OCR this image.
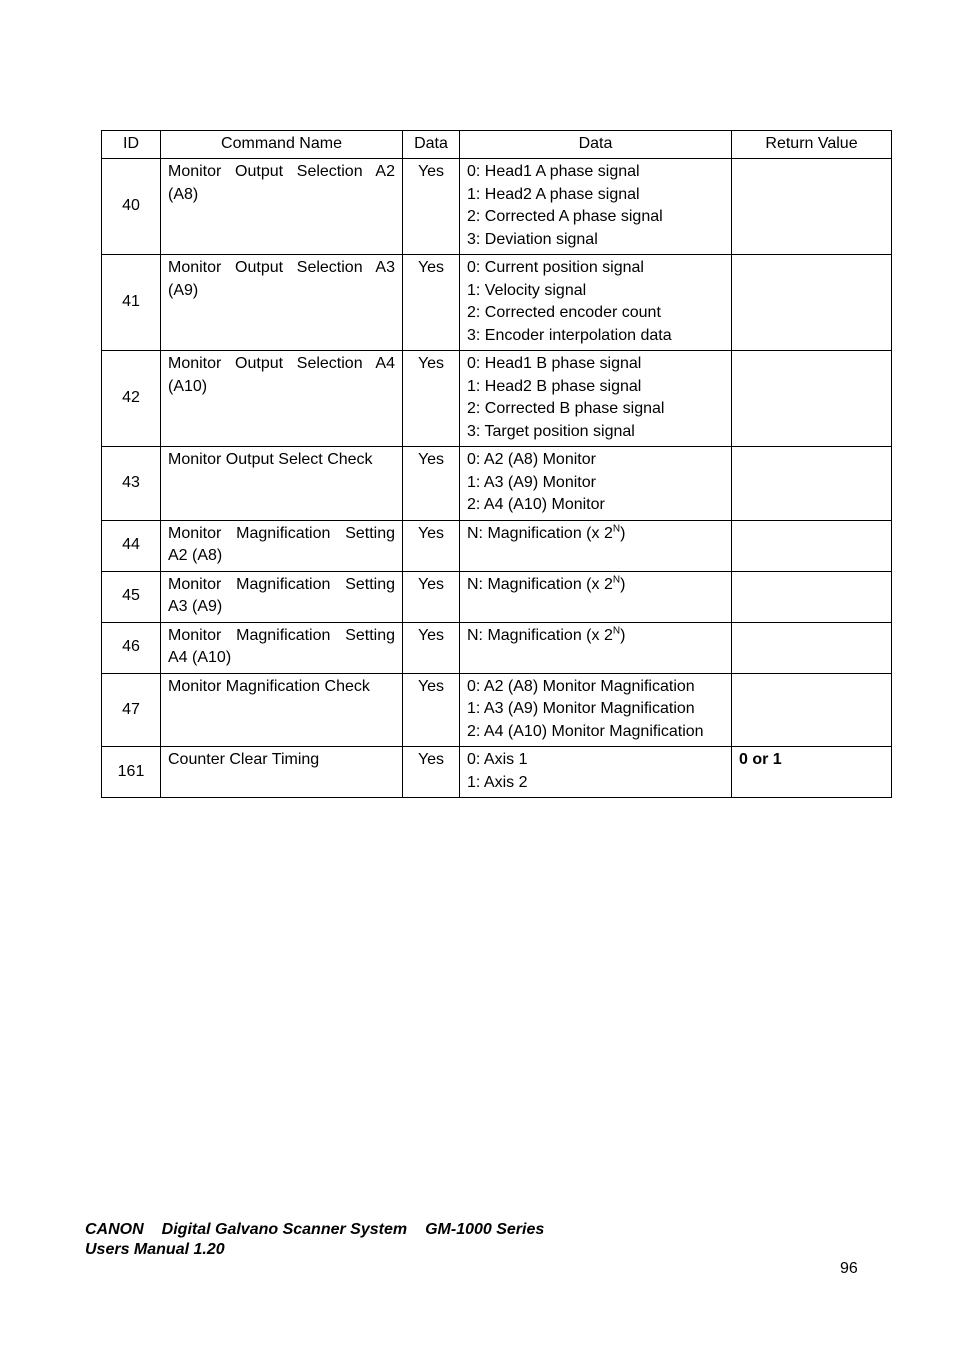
ID	Command Name	Data	Data	Return Value
40	Monitor Output Selection A2 (A8)	Yes	0: Head1 A phase signal
1: Head2 A phase signal
2: Corrected A phase signal
3: Deviation signal	

41	Monitor Output Selection A3 (A9)	Yes	0: Current position signal
1: Velocity signal
2: Corrected encoder count
3: Encoder interpolation data	

42	Monitor Output Selection A4 (A10)	Yes	0: Head1 B phase signal
1: Head2 B phase signal
2: Corrected B phase signal
3: Target position signal	

43	Monitor Output Select Check	Yes	0: A2 (A8) Monitor
1: A3 (A9) Monitor
2: A4 (A10) Monitor	

44	Monitor Magnification Setting A2 (A8)	Yes	N: Magnification (x $2^N$)	

45	Monitor Magnification Setting A3 (A9)	Yes	N: Magnification (x $2^N$)	

46	Monitor Magnification Setting A4 (A10)	Yes	N: Magnification (x $2^N$)	

47	Monitor Magnification Check	Yes	0: A2 (A8) Monitor Magnification
1: A3 (A9) Monitor Magnification
2: A4 (A10) Monitor Magnification	

161	Counter Clear Timing	Yes	0: Axis 1
1: Axis 2	0 or 1
CANON Digital Galvano Scanner System GM-1000 Series
Users Manual 1.20
96
